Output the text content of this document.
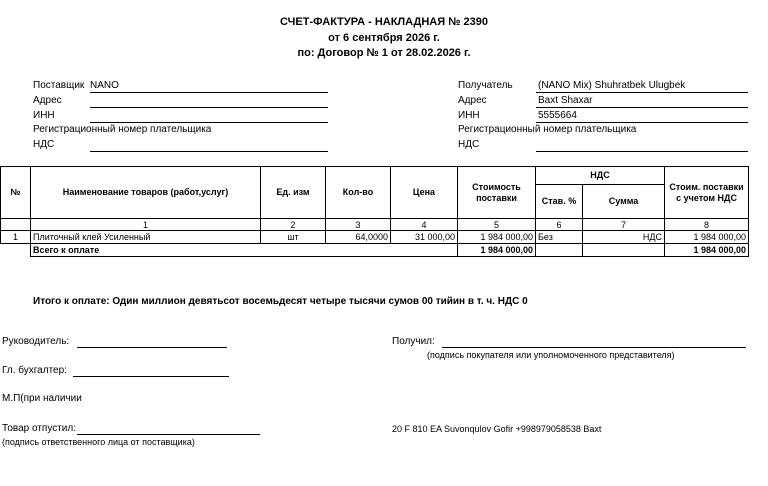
СЧЕТ-ФАКТУРА - НАКЛАДНАЯ № 2390
от 6 сентября 2026 г.
по: Договор № 1 от 28.02.2026 г.
Поставщик NANO
Адрес
ИНН
Регистрационный номер плательщика
НДС
Получатель	(NANO Mix) Shuhratbek Ulugbek
Адрес	Baxt Shaxar
ИНН	5555664
Регистрационный номер плательщика
НДС
№	Наименование товаров (работ,услуг)	Ед. изм	Кол-во	Цена	Стоимость поставки	НДС		Стоим. поставки с учетом НДС
						Став. %	Сумма	
	1	2	3	4	5	6	7	8
1	Плиточный клей Усиленный	шт	64,0000	31 000,00	1 984 000,00	Без	НДС	1 984 000,00
	Всего к оплате				1 984 000,00			1 984 000,00
Итого к оплате: Один миллион девятьсот восемьдесят четыре тысячи сумов 00 тийин в т. ч. НДС 0
Руководитель:
Гл. бухгалтер:
М.П(при наличии
Товар отпустил:
(подпись ответственного лица от поставщика)
Получил:
(подпись покупателя или уполномоченного представителя)
20 F 810 EA Suvonqulov Gofir +998979058538 Baxt
